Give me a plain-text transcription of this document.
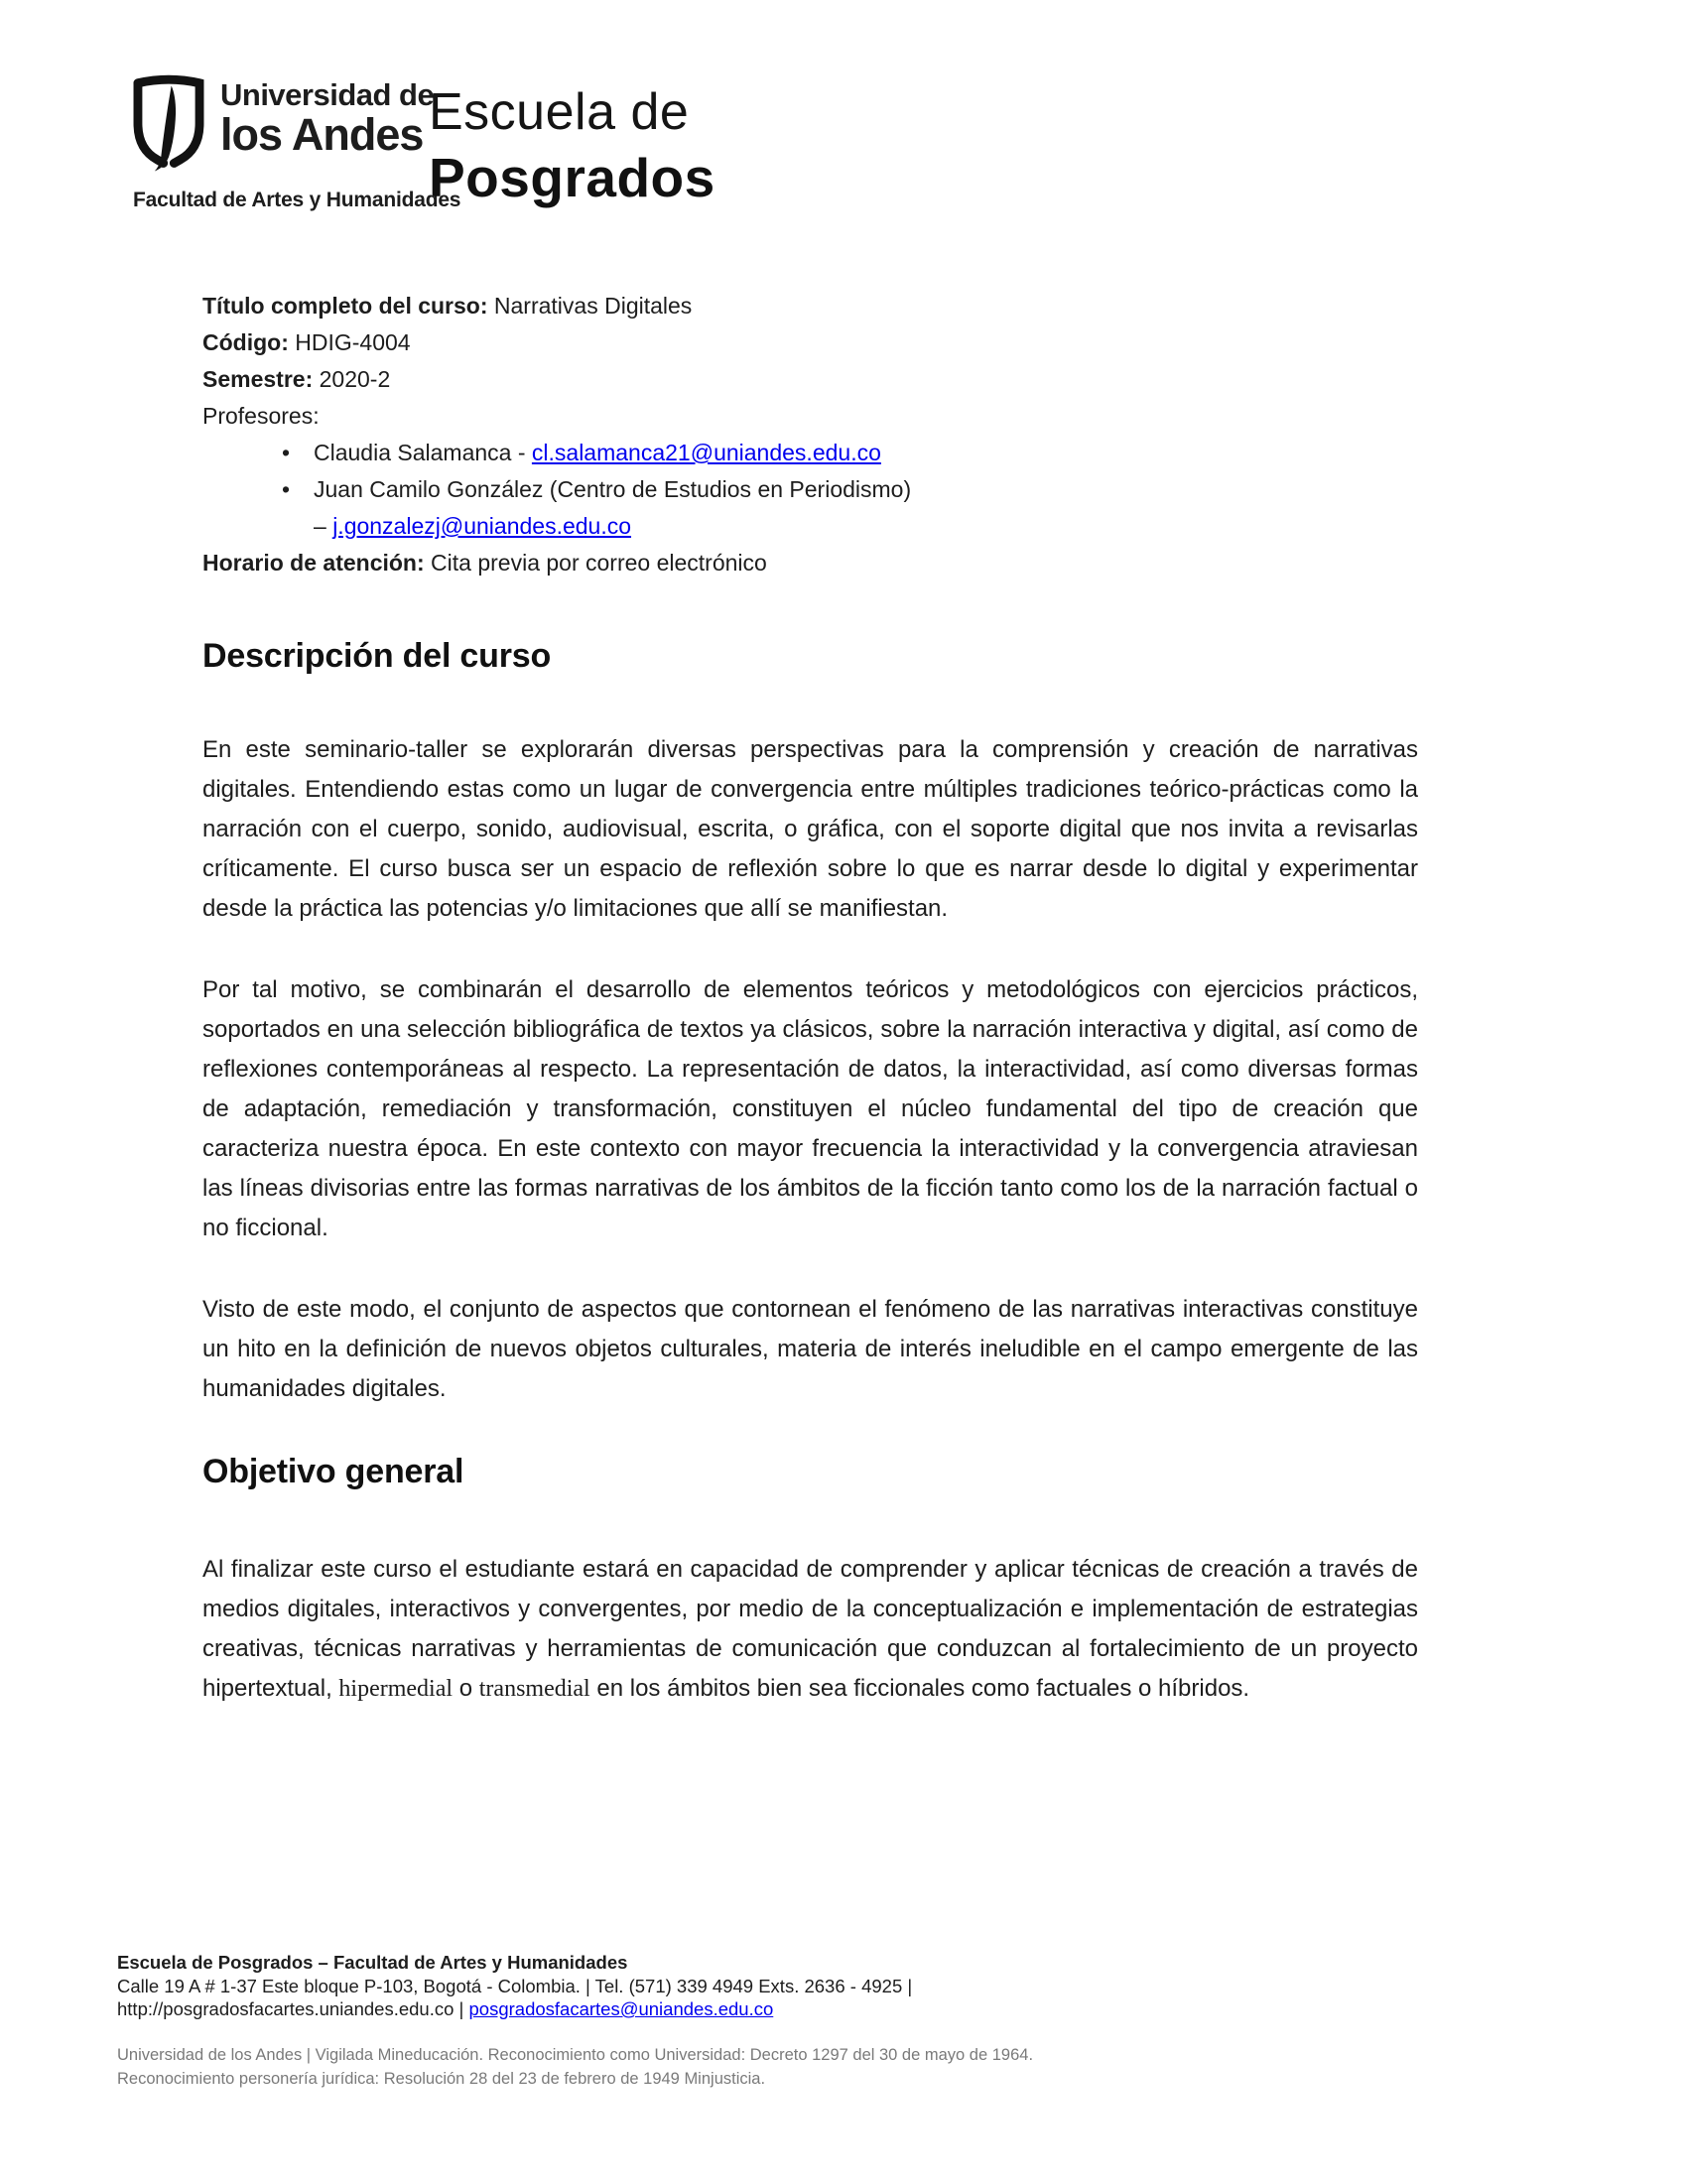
Universidad de
los Andes
Facultad de Artes y Humanidades
Escuela de
Posgrados
Título completo del curso: Narrativas Digitales
Código: HDIG-4004
Semestre: 2020-2
Profesores:
•	Claudia Salamanca - cl.salamanca21@uniandes.edu.co
•	Juan Camilo González (Centro de Estudios en Periodismo)
– j.gonzalezj@uniandes.edu.co
Horario de atención: Cita previa por correo electrónico
Descripción del curso

En este seminario-taller se explorarán diversas perspectivas para la comprensión y creación de narrativas digitales. Entendiendo estas como un lugar de convergencia entre múltiples tradiciones teórico-prácticas como la narración con el cuerpo, sonido, audiovisual, escrita, o gráfica, con el soporte digital que nos invita a revisarlas críticamente. El curso busca ser un espacio de reflexión sobre lo que es narrar desde lo digital y experimentar desde la práctica las potencias y/o limitaciones que allí se manifiestan.

Por tal motivo, se combinarán el desarrollo de elementos teóricos y metodológicos con ejercicios prácticos, soportados en una selección bibliográfica de textos ya clásicos, sobre la narración interactiva y digital, así como de reflexiones contemporáneas al respecto. La representación de datos, la interactividad, así como diversas formas de adaptación, remediación y transformación, constituyen el núcleo fundamental del tipo de creación que caracteriza nuestra época. En este contexto con mayor frecuencia la interactividad y la convergencia atraviesan las líneas divisorias entre las formas narrativas de los ámbitos de la ficción tanto como los de la narración factual o no ficcional.

Visto de este modo, el conjunto de aspectos que contornean el fenómeno de las narrativas interactivas constituye un hito en la definición de nuevos objetos culturales, materia de interés ineludible en el campo emergente de las humanidades digitales.

Objetivo general

Al finalizar este curso el estudiante estará en capacidad de comprender y aplicar técnicas de creación a través de medios digitales, interactivos y convergentes, por medio de la conceptualización e implementación de estrategias creativas, técnicas narrativas y herramientas de comunicación que conduzcan al fortalecimiento de un proyecto hipertextual, hipermedial o transmedial en los ámbitos bien sea ficcionales como factuales o híbridos.

Escuela de Posgrados – Facultad de Artes y Humanidades
Calle 19 A # 1-37 Este bloque P-103, Bogotá - Colombia. | Tel. (571) 339 4949 Exts. 2636 - 4925 |
http://posgradosfacartes.uniandes.edu.co | posgradosfacartes@uniandes.edu.co
Universidad de los Andes | Vigilada Mineducación. Reconocimiento como Universidad: Decreto 1297 del 30 de mayo de 1964.
Reconocimiento personería jurídica: Resolución 28 del 23 de febrero de 1949 Minjusticia.
